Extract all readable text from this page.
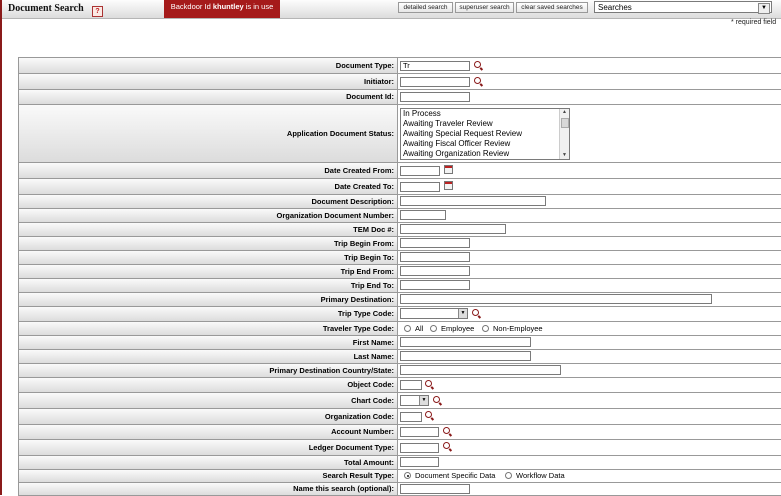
Document Search	?
Backdoor Id khuntley is in use	detailed search	superuser search	clear saved searches	Searches	▼
* required field
Document Type:	Tr
Initiator:
Document Id:
Application Document Status:
In Process
Awaiting Traveler Review
Awaiting Special Request Review
Awaiting Fiscal Officer Review
Awaiting Organization Review
▲
▼
Date Created From:
Date Created To:
Document Description:
Organization Document Number:
TEM Doc #:
Trip Begin From:
Trip Begin To:
Trip End From:
Trip End To:
Primary Destination:
Trip Type Code:	▼
Traveler Type Code:	All Employee Non-Employee
First Name:
Last Name:
Primary Destination Country/State:
Object Code:
Chart Code:	▼
Organization Code:
Account Number:
Ledger Document Type:
Total Amount:
Search Result Type:	Document Specific Data	Workflow Data
Name this search (optional):
